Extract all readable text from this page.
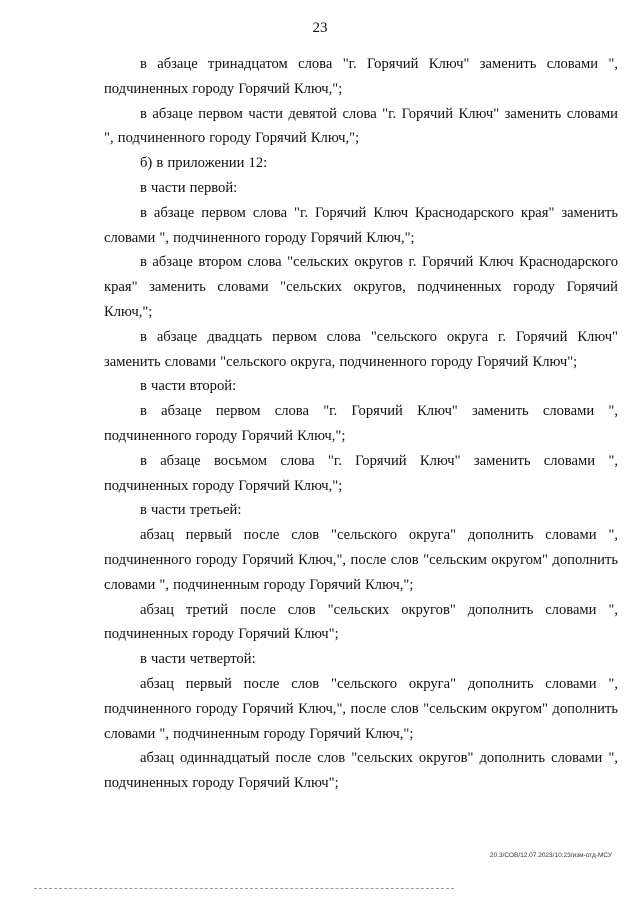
23

в абзаце тринадцатом слова "г. Горячий Ключ" заменить словами ", подчиненных городу Горячий Ключ,";

в абзаце первом части девятой слова "г. Горячий Ключ" заменить словами ", подчиненного городу Горячий Ключ,";

б) в приложении 12:

в части первой:

в абзаце первом слова "г. Горячий Ключ Краснодарского края" заменить словами ", подчиненного городу Горячий Ключ,";

в абзаце втором слова "сельских округов г. Горячий Ключ Краснодарского края" заменить словами "сельских округов, подчиненных городу Горячий Ключ,";

в абзаце двадцать первом слова "сельского округа г. Горячий Ключ" заменить словами "сельского округа, подчиненного городу Горячий Ключ";

в части второй:

в абзаце первом слова "г. Горячий Ключ" заменить словами ", подчиненного городу Горячий Ключ,";

в абзаце восьмом слова "г. Горячий Ключ" заменить словами ", подчиненных городу Горячий Ключ,";

в части третьей:

абзац первый после слов "сельского округа" дополнить словами ", подчиненного городу Горячий Ключ,", после слов "сельским округом" дополнить словами ", подчиненным городу Горячий Ключ,";

абзац третий после слов "сельских округов" дополнить словами ", подчиненных городу Горячий Ключ";

в части четвертой:

абзац первый после слов "сельского округа" дополнить словами ", подчиненного городу Горячий Ключ,", после слов "сельским округом" дополнить словами ", подчиненным городу Горячий Ключ,";

абзац одиннадцатый после слов "сельских округов" дополнить словами ", подчиненных городу Горячий Ключ";

20.3/СОВ/12.07.2023/10:23/изм-отд-МСУ
